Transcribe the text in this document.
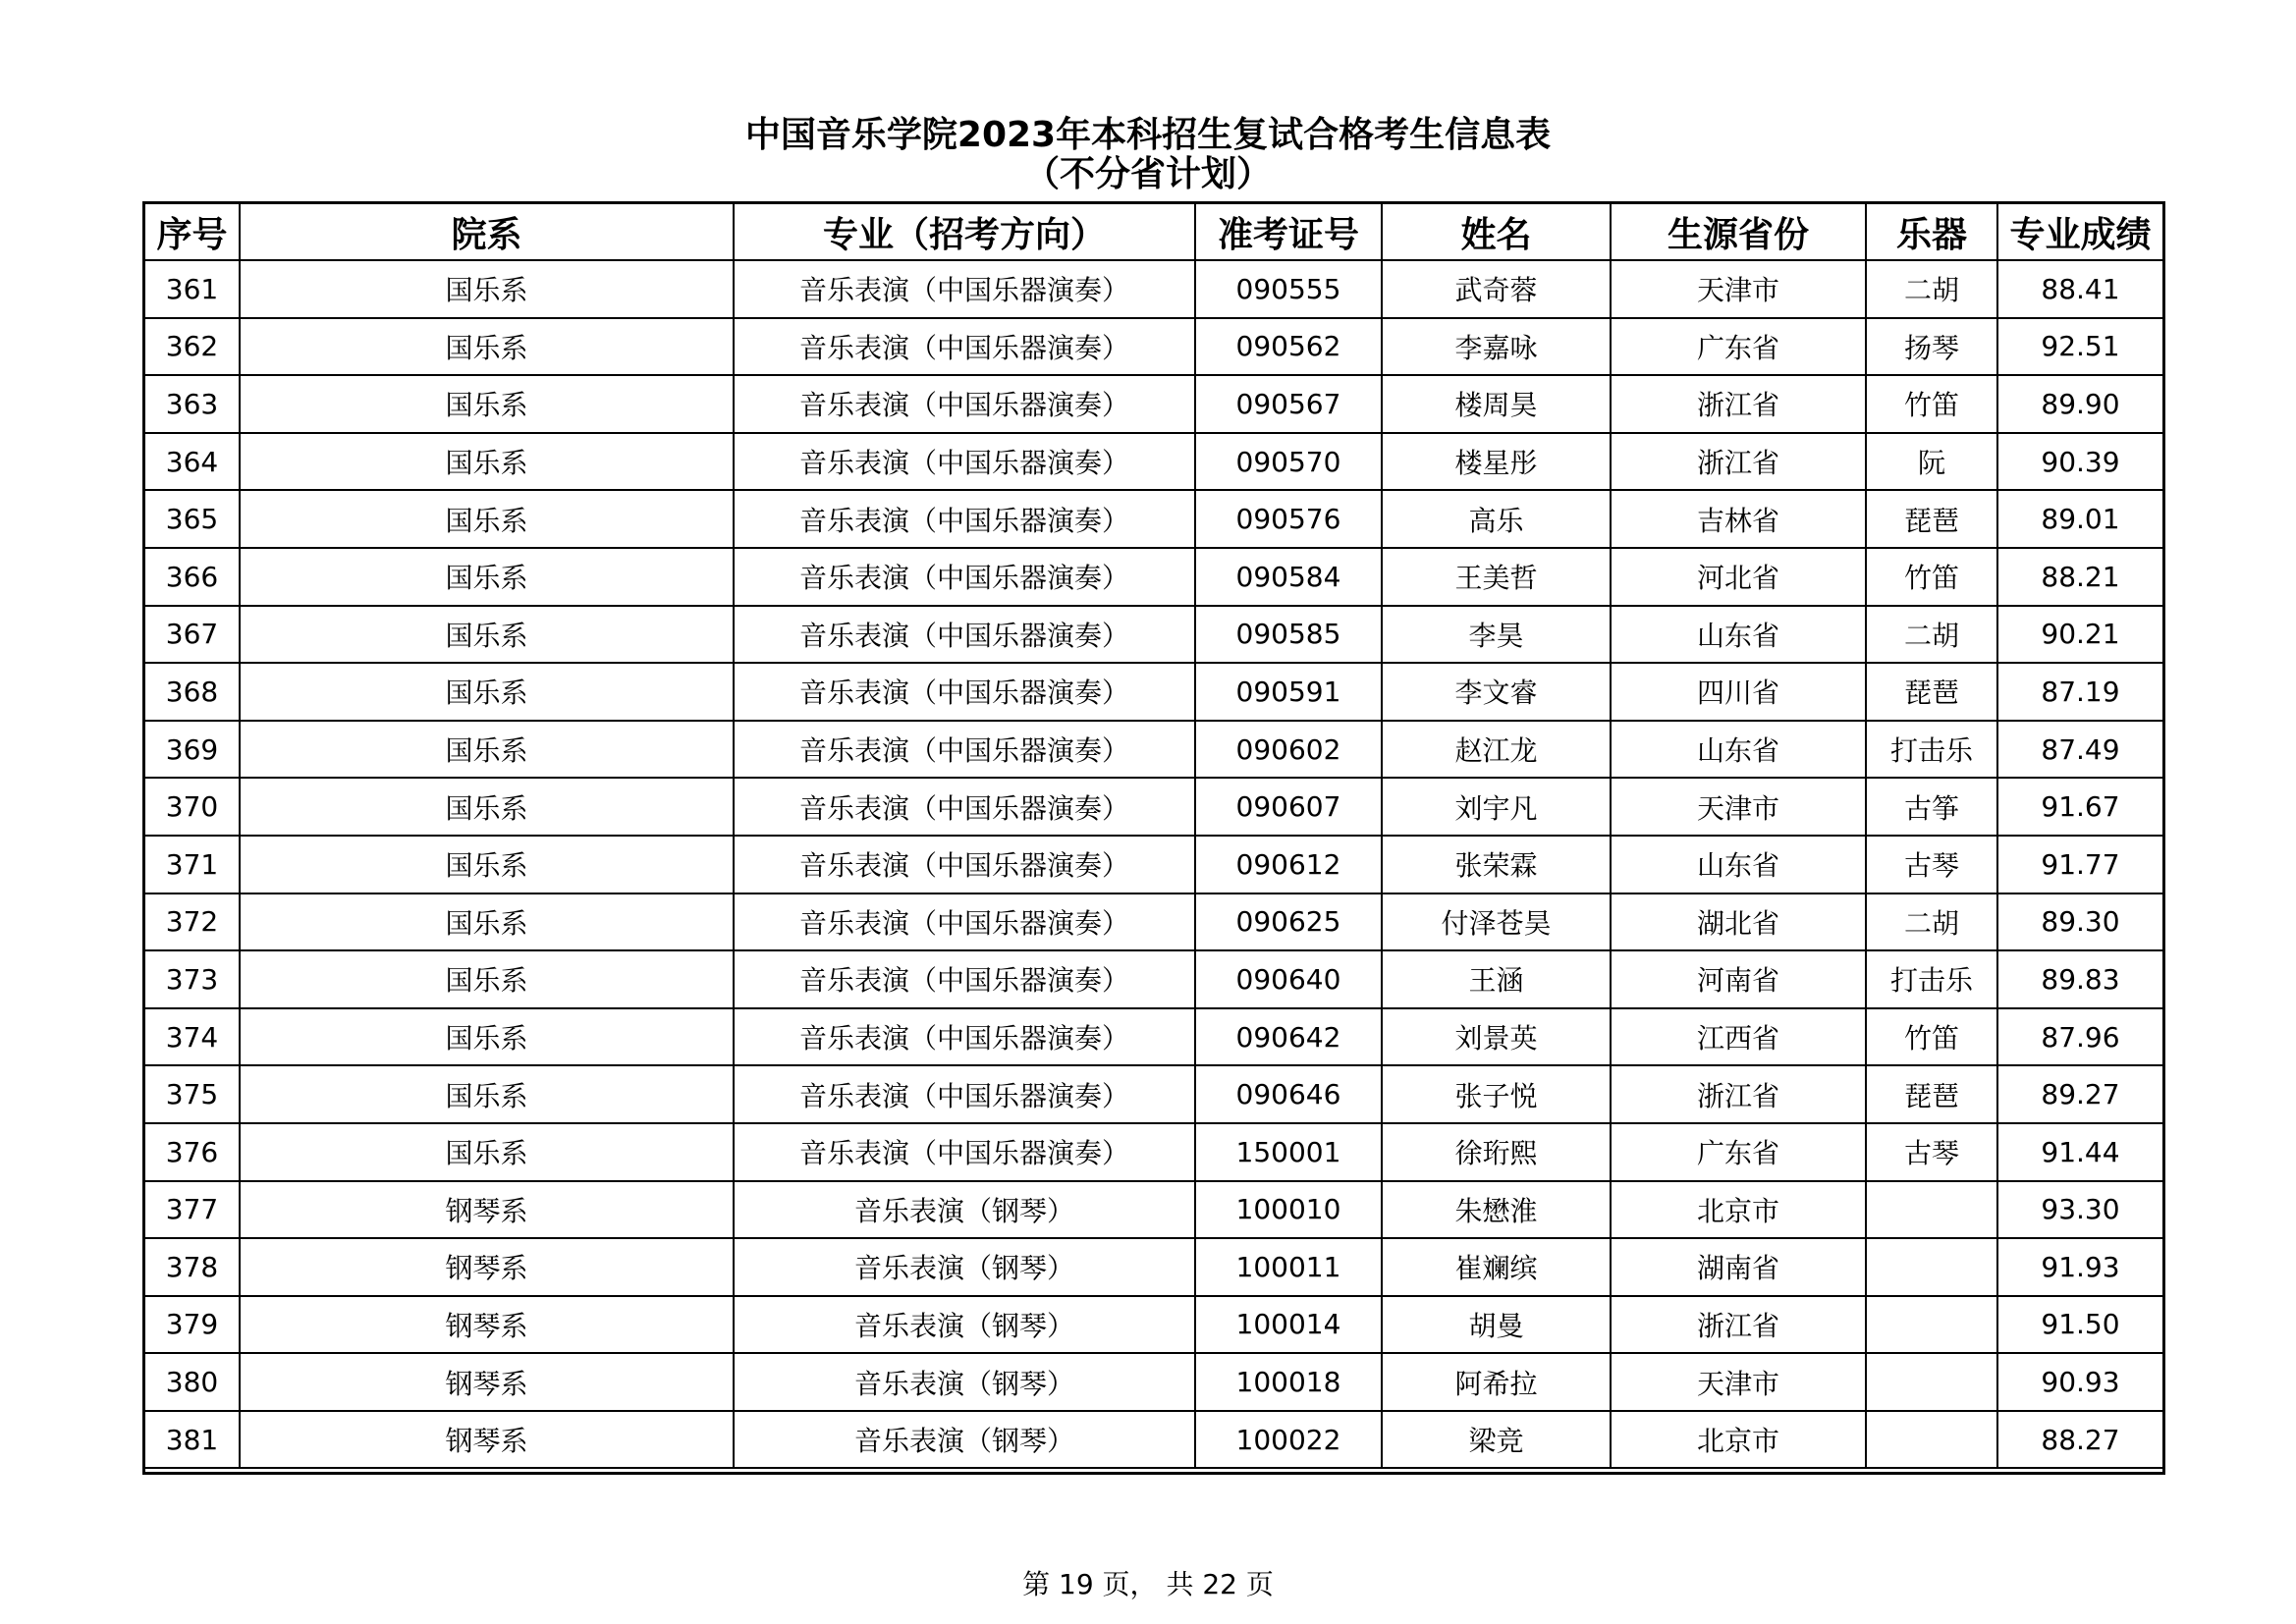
中国音乐学院2023年本科招生复试合格考生信息表
（不分省计划）
序号	院系	专业（招考方向）	准考证号	姓名	生源省份	乐器	专业成绩
361	国乐系	音乐表演（中国乐器演奏）	090555	武奇蓉	天津市	二胡	88.41
362	国乐系	音乐表演（中国乐器演奏）	090562	李嘉咏	广东省	扬琴	92.51
363	国乐系	音乐表演（中国乐器演奏）	090567	楼周昊	浙江省	竹笛	89.90
364	国乐系	音乐表演（中国乐器演奏）	090570	楼星彤	浙江省	阮	90.39
365	国乐系	音乐表演（中国乐器演奏）	090576	高乐	吉林省	琵琶	89.01
366	国乐系	音乐表演（中国乐器演奏）	090584	王美哲	河北省	竹笛	88.21
367	国乐系	音乐表演（中国乐器演奏）	090585	李昊	山东省	二胡	90.21
368	国乐系	音乐表演（中国乐器演奏）	090591	李文睿	四川省	琵琶	87.19
369	国乐系	音乐表演（中国乐器演奏）	090602	赵江龙	山东省	打击乐	87.49
370	国乐系	音乐表演（中国乐器演奏）	090607	刘宇凡	天津市	古筝	91.67
371	国乐系	音乐表演（中国乐器演奏）	090612	张荣霖	山东省	古琴	91.77
372	国乐系	音乐表演（中国乐器演奏）	090625	付泽苍昊	湖北省	二胡	89.30
373	国乐系	音乐表演（中国乐器演奏）	090640	王涵	河南省	打击乐	89.83
374	国乐系	音乐表演（中国乐器演奏）	090642	刘景英	江西省	竹笛	87.96
375	国乐系	音乐表演（中国乐器演奏）	090646	张子悦	浙江省	琵琶	89.27
376	国乐系	音乐表演（中国乐器演奏）	150001	徐珩熙	广东省	古琴	91.44
377	钢琴系	音乐表演（钢琴）	100010	朱懋淮	北京市		93.30
378	钢琴系	音乐表演（钢琴）	100011	崔斓缤	湖南省		91.93
379	钢琴系	音乐表演（钢琴）	100014	胡曼	浙江省		91.50
380	钢琴系	音乐表演（钢琴）	100018	阿希拉	天津市		90.93
381	钢琴系	音乐表演（钢琴）	100022	梁竞	北京市		88.27
第 19 页， 共 22 页
